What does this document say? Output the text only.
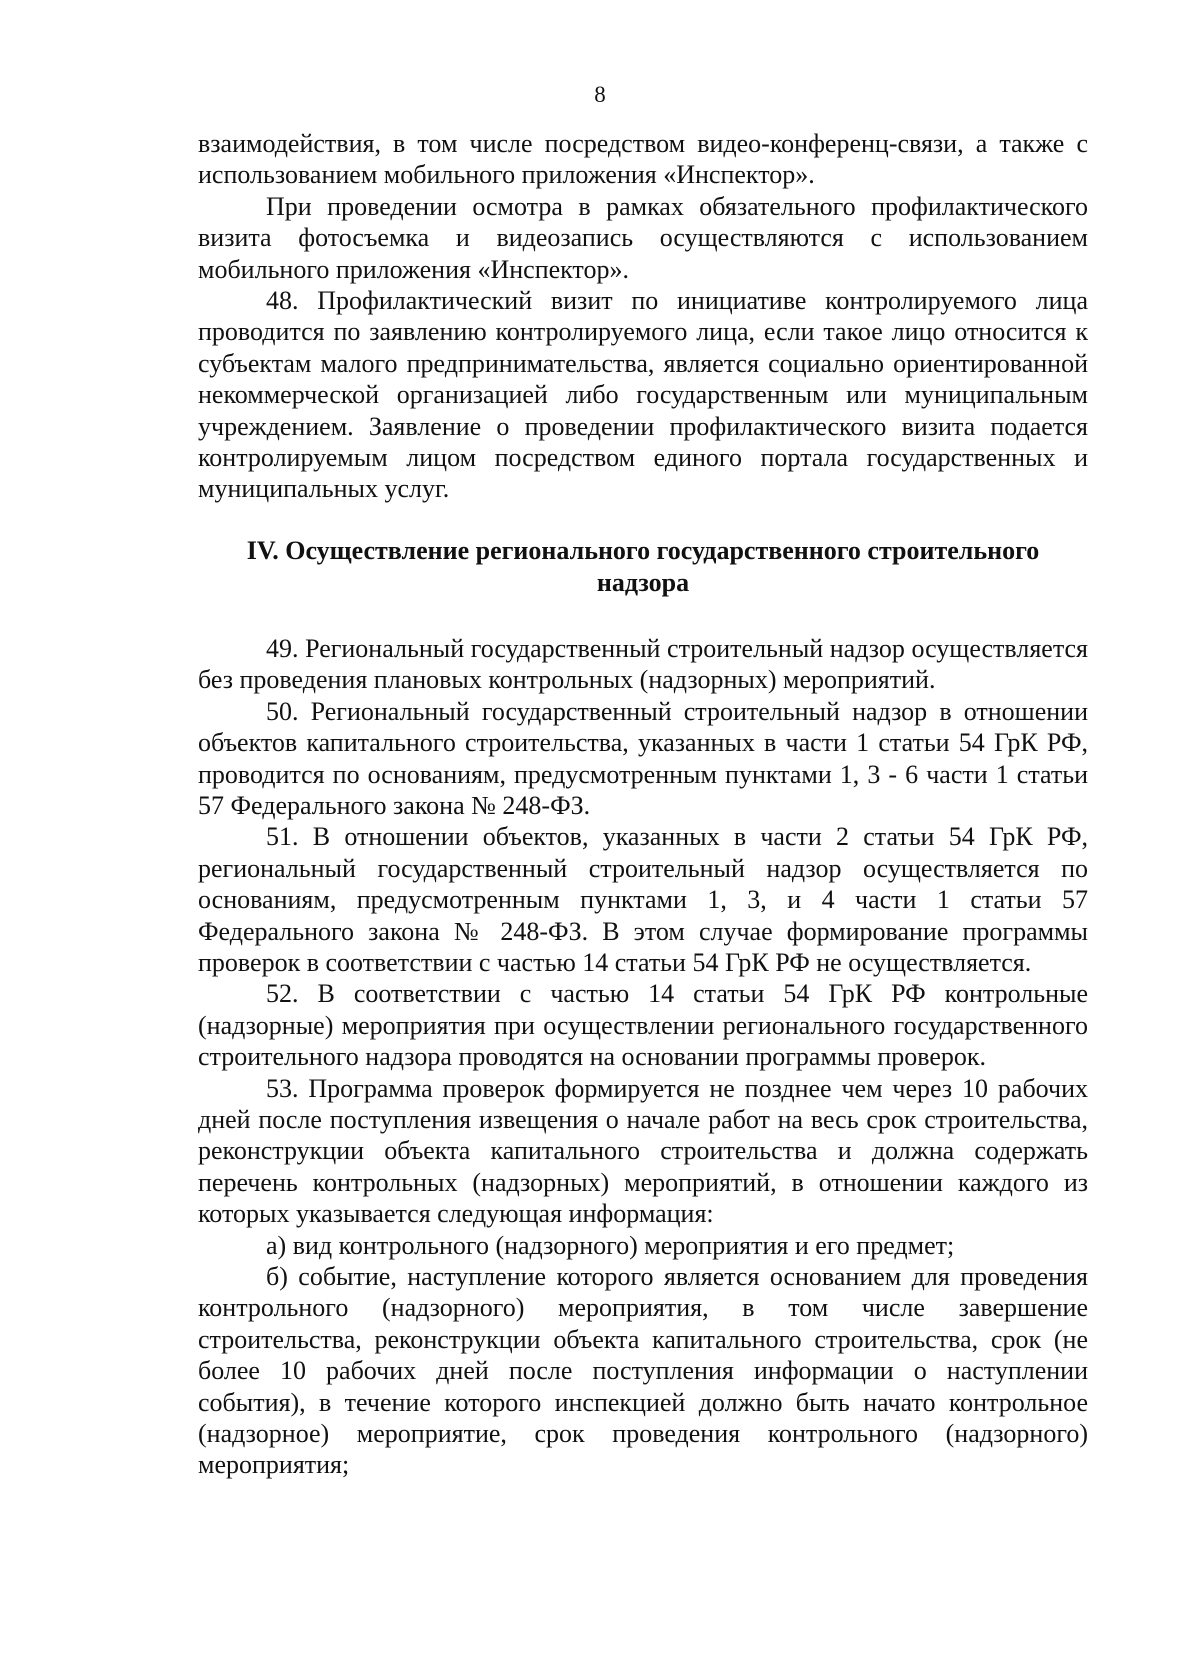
8

взаимодействия, в том числе посредством видео-конференц-связи, а также с использованием мобильного приложения «Инспектор».

При проведении осмотра в рамках обязательного профилактического визита фотосъемка и видеозапись осуществляются с использованием мобильного приложения «Инспектор».

48. Профилактический визит по инициативе контролируемого лица проводится по заявлению контролируемого лица, если такое лицо относится к субъектам малого предпринимательства, является социально ориентированной некоммерческой организацией либо государственным или муниципальным учреждением. Заявление о проведении профилактического визита подается контролируемым лицом посредством единого портала государственных и муниципальных услуг.

IV. Осуществление регионального государственного строительного
надзора

49. Региональный государственный строительный надзор осуществляется без проведения плановых контрольных (надзорных) мероприятий.

50. Региональный государственный строительный надзор в отношении объектов капитального строительства, указанных в части 1 статьи 54 ГрК РФ, проводится по основаниям, предусмотренным пунктами 1, 3 - 6 части 1 статьи 57 Федерального закона № 248-ФЗ.

51. В отношении объектов, указанных в части 2 статьи 54 ГрК РФ, региональный государственный строительный надзор осуществляется по основаниям, предусмотренным пунктами 1, 3, и 4 части 1 статьи 57 Федерального закона № 248-ФЗ. В этом случае формирование программы проверок в соответствии с частью 14 статьи 54 ГрК РФ не осуществляется.

52. В соответствии с частью 14 статьи 54 ГрК РФ контрольные (надзорные) мероприятия при осуществлении регионального государственного строительного надзора проводятся на основании программы проверок.

53. Программа проверок формируется не позднее чем через 10 рабочих дней после поступления извещения о начале работ на весь срок строительства, реконструкции объекта капитального строительства и должна содержать перечень контрольных (надзорных) мероприятий, в отношении каждого из которых указывается следующая информация:

а) вид контрольного (надзорного) мероприятия и его предмет;

б) событие, наступление которого является основанием для проведения контрольного (надзорного) мероприятия, в том числе завершение строительства, реконструкции объекта капитального строительства, срок (не более 10 рабочих дней после поступления информации о наступлении события), в течение которого инспекцией должно быть начато контрольное (надзорное) мероприятие, срок проведения контрольного (надзорного) мероприятия;
